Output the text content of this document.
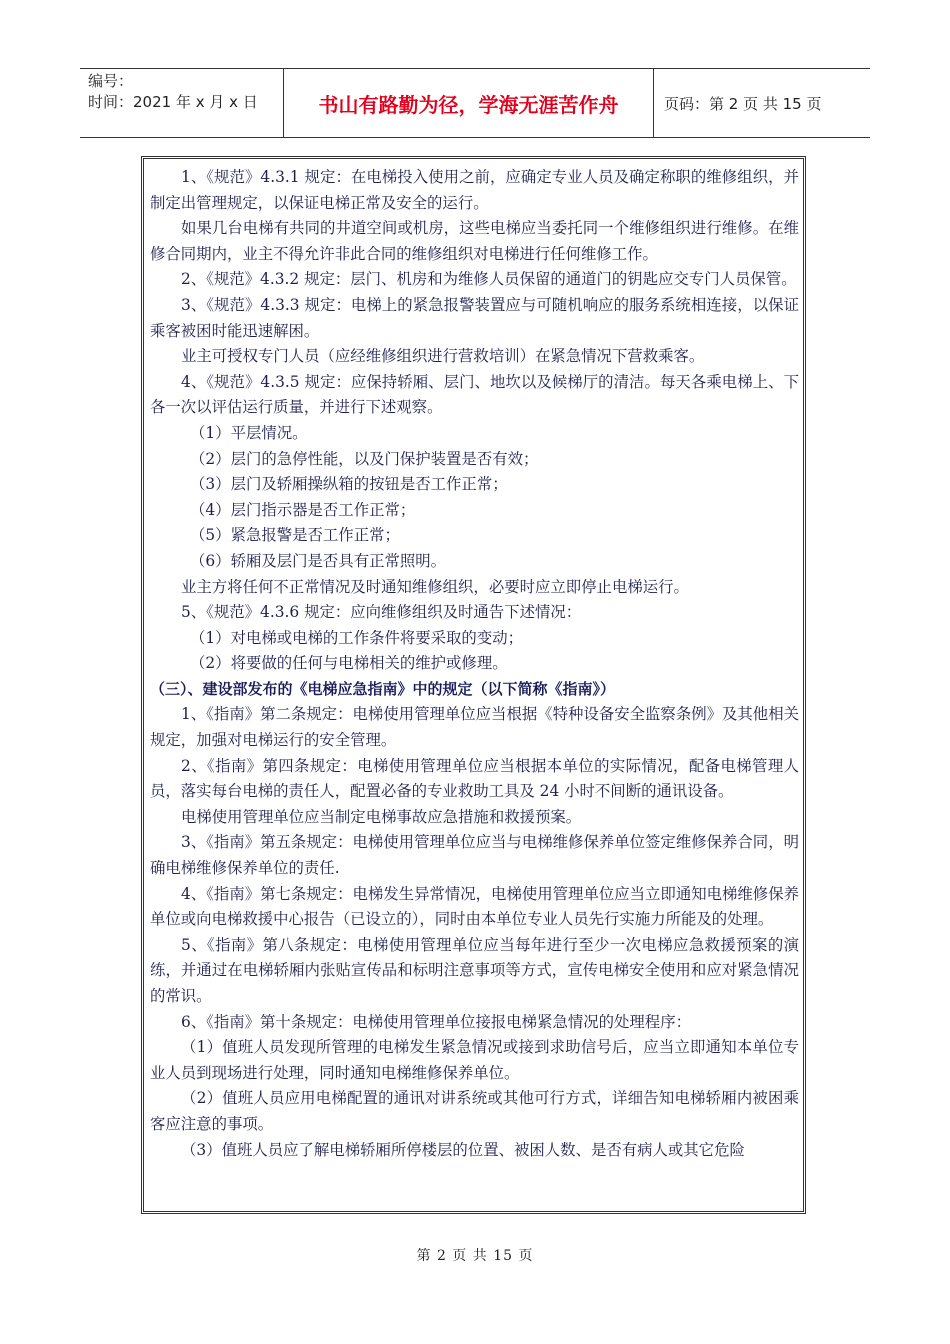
编号：
时间：2021 年 x 月 x 日	书山有路勤为径，学海无涯苦作舟	页码：第 2 页 共 15 页

1、《规范》4.3.1 规定：在电梯投入使用之前，应确定专业人员及确定称职的维修组织，并制定出管理规定，以保证电梯正常及安全的运行。

如果几台电梯有共同的井道空间或机房，这些电梯应当委托同一个维修组织进行维修。在维修合同期内，业主不得允许非此合同的维修组织对电梯进行任何维修工作。

2、《规范》4.3.2 规定：层门、机房和为维修人员保留的通道门的钥匙应交专门人员保管。

3、《规范》4.3.3 规定：电梯上的紧急报警装置应与可随机响应的服务系统相连接，以保证乘客被困时能迅速解困。

业主可授权专门人员（应经维修组织进行营救培训）在紧急情况下营救乘客。

4、《规范》4.3.5 规定：应保持轿厢、层门、地坎以及候梯厅的清洁。每天各乘电梯上、下各一次以评估运行质量，并进行下述观察。

（1）平层情况。

（2）层门的急停性能，以及门保护装置是否有效；

（3）层门及轿厢操纵箱的按钮是否工作正常；

（4）层门指示器是否工作正常；

（5）紧急报警是否工作正常；

（6）轿厢及层门是否具有正常照明。

业主方将任何不正常情况及时通知维修组织，必要时应立即停止电梯运行。

5、《规范》4.3.6 规定：应向维修组织及时通告下述情况：

（1）对电梯或电梯的工作条件将要采取的变动；

（2）将要做的任何与电梯相关的维护或修理。

（三）、建设部发布的《电梯应急指南》中的规定（以下简称《指南》）

1、《指南》第二条规定：电梯使用管理单位应当根据《特种设备安全监察条例》及其他相关规定，加强对电梯运行的安全管理。

2、《指南》第四条规定：电梯使用管理单位应当根据本单位的实际情况，配备电梯管理人员，落实每台电梯的责任人，配置必备的专业救助工具及 24 小时不间断的通讯设备。

电梯使用管理单位应当制定电梯事故应急措施和救援预案。

3、《指南》第五条规定：电梯使用管理单位应当与电梯维修保养单位签定维修保养合同，明确电梯维修保养单位的责任.

4、《指南》第七条规定：电梯发生异常情况，电梯使用管理单位应当立即通知电梯维修保养单位或向电梯救援中心报告（已设立的），同时由本单位专业人员先行实施力所能及的处理。

5、《指南》第八条规定：电梯使用管理单位应当每年进行至少一次电梯应急救援预案的演练，并通过在电梯轿厢内张贴宣传品和标明注意事项等方式，宣传电梯安全使用和应对紧急情况的常识。

6、《指南》第十条规定：电梯使用管理单位接报电梯紧急情况的处理程序：

（1）值班人员发现所管理的电梯发生紧急情况或接到求助信号后，应当立即通知本单位专业人员到现场进行处理，同时通知电梯维修保养单位。

（2）值班人员应用电梯配置的通讯对讲系统或其他可行方式，详细告知电梯轿厢内被困乘客应注意的事项。

（3）值班人员应了解电梯轿厢所停楼层的位置、被困人数、是否有病人或其它危险

第 2 页 共 15 页
